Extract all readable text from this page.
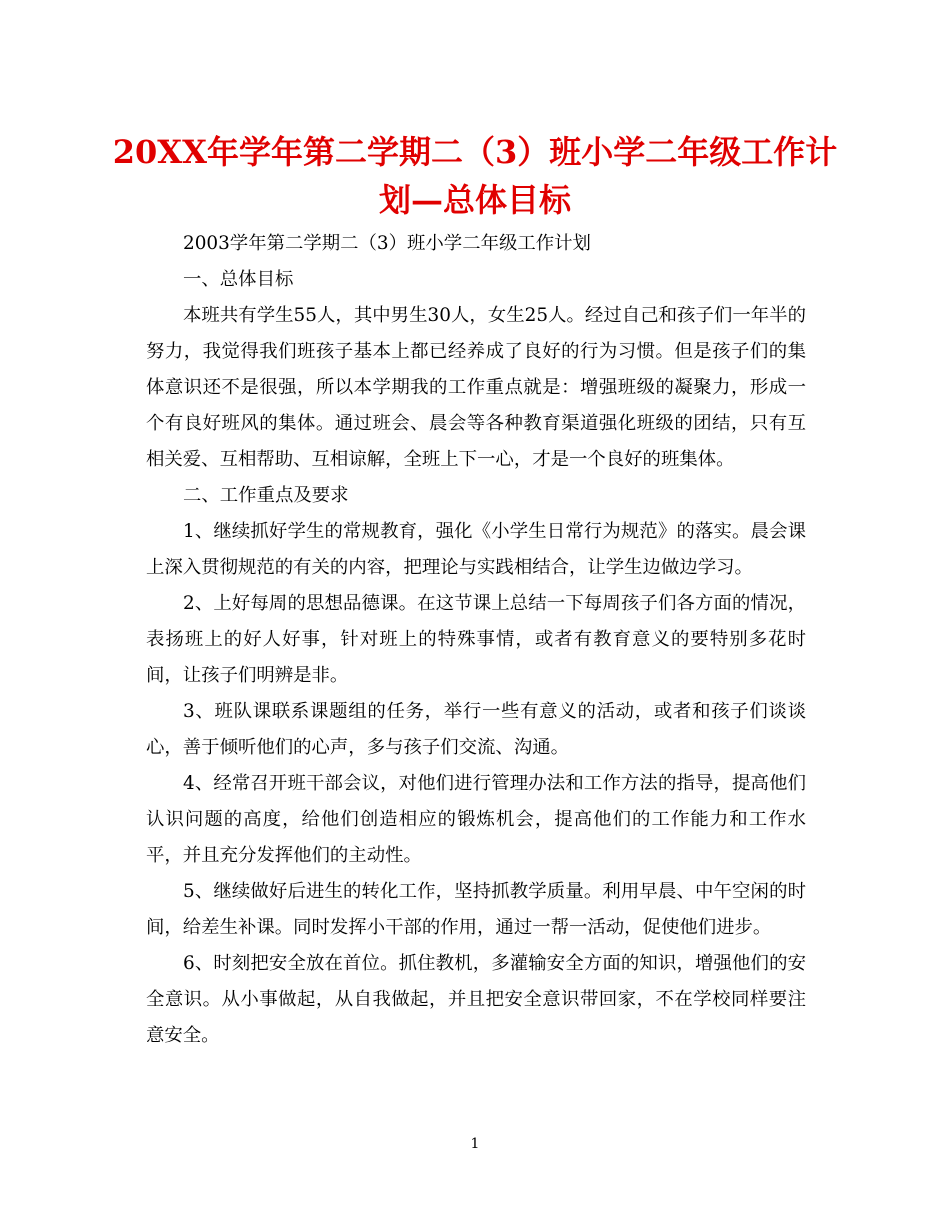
20XX年学年第二学期二（3）班小学二年级工作计
划—总体目标

2003学年第二学期二（3）班小学二年级工作计划

一、总体目标

本班共有学生55人，其中男生30人，女生25人。经过自己和孩子们一年半的努力，我觉得我们班孩子基本上都已经养成了良好的行为习惯。但是孩子们的集体意识还不是很强，所以本学期我的工作重点就是：增强班级的凝聚力，形成一个有良好班风的集体。通过班会、晨会等各种教育渠道强化班级的团结，只有互相关爱、互相帮助、互相谅解，全班上下一心，才是一个良好的班集体。

二、工作重点及要求

1、继续抓好学生的常规教育，强化《小学生日常行为规范》的落实。晨会课上深入贯彻规范的有关的内容，把理论与实践相结合，让学生边做边学习。

2、上好每周的思想品德课。在这节课上总结一下每周孩子们各方面的情况，表扬班上的好人好事，针对班上的特殊事情，或者有教育意义的要特别多花时间，让孩子们明辨是非。

3、班队课联系课题组的任务，举行一些有意义的活动，或者和孩子们谈谈心，善于倾听他们的心声，多与孩子们交流、沟通。

4、经常召开班干部会议，对他们进行管理办法和工作方法的指导，提高他们认识问题的高度，给他们创造相应的锻炼机会，提高他们的工作能力和工作水平，并且充分发挥他们的主动性。

5、继续做好后进生的转化工作，坚持抓教学质量。利用早晨、中午空闲的时间，给差生补课。同时发挥小干部的作用，通过一帮一活动，促使他们进步。

6、时刻把安全放在首位。抓住教机，多灌输安全方面的知识，增强他们的安全意识。从小事做起，从自我做起，并且把安全意识带回家，不在学校同样要注意安全。

1
